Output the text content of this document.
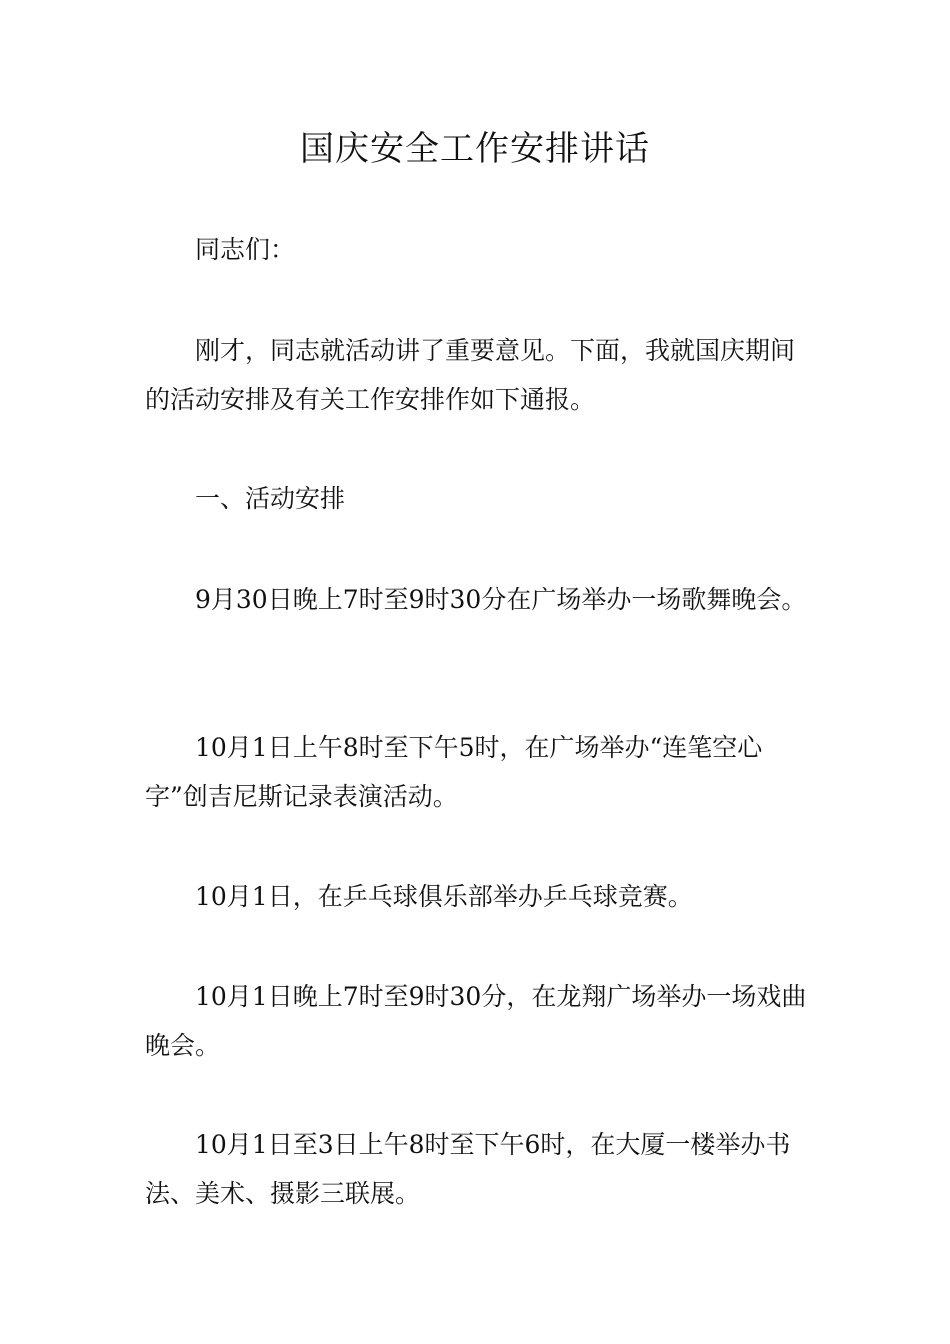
国庆安全工作安排讲话

同志们：

刚才，同志就活动讲了重要意见。下面，我就国庆期间的活动安排及有关工作安排作如下通报。

一、活动安排

9月30日晚上7时至9时30分在广场举办一场歌舞晚会。

10月1日上午8时至下午5时，在广场举办“连笔空心字”创吉尼斯记录表演活动。

10月1日，在乒乓球俱乐部举办乒乓球竞赛。

10月1日晚上7时至9时30分，在龙翔广场举办一场戏曲晚会。

10月1日至3日上午8时至下午6时，在大厦一楼举办书法、美术、摄影三联展。
